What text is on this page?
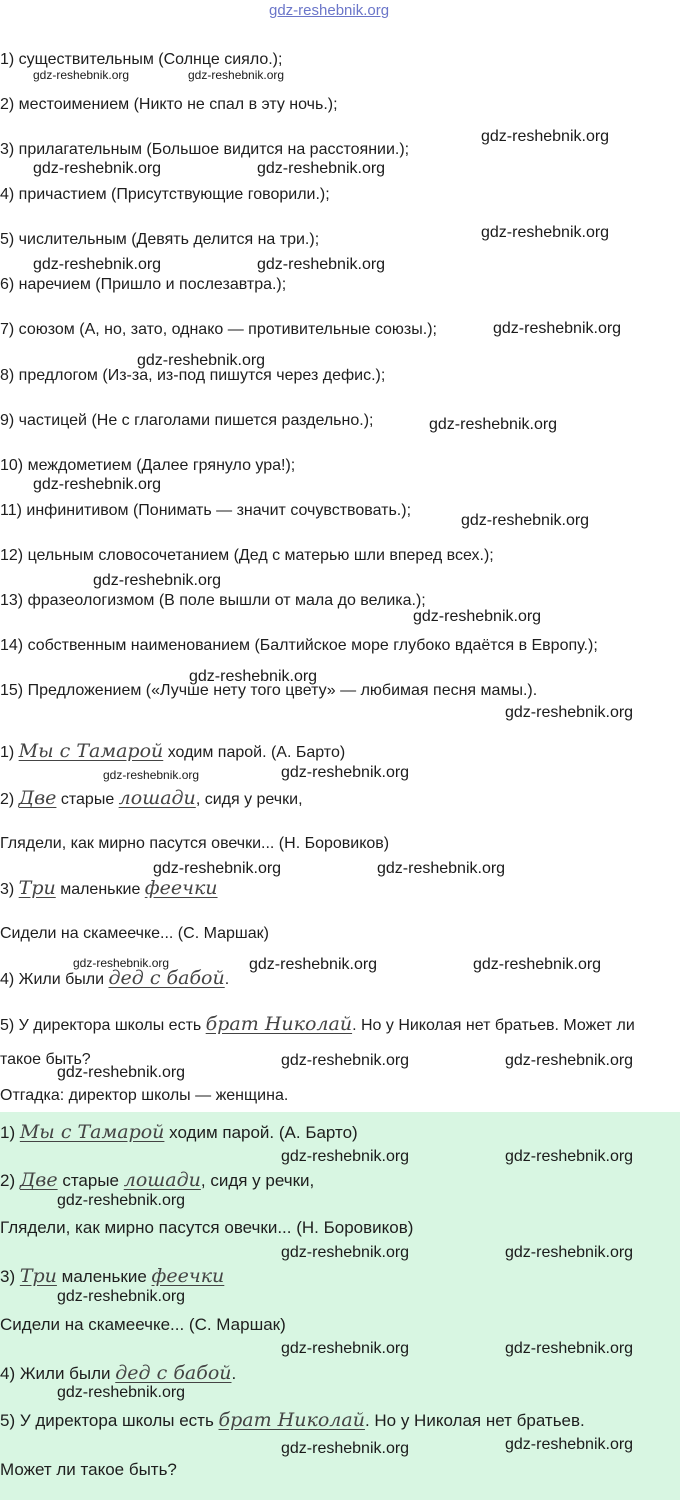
gdz-reshebnik.org
1) существительным (Солнце сияло.);
2) местоимением (Никто не спал в эту ночь.);
3) прилагательным (Большое видится на расстоянии.);
4) причастием (Присутствующие говорили.);
5) числительным (Девять делится на три.);
6) наречием (Пришло и послезавтра.);
7) союзом (А, но, зато, однако — противительные союзы.);
8) предлогом (Из-за, из-под пишутся через дефис.);
9) частицей (Не с глаголами пишется раздельно.);
10) междометием (Далее грянуло ура!);
11) инфинитивом (Понимать — значит сочувствовать.);
12) цельным словосочетанием (Дед с матерью шли вперед всех.);
13) фразеологизмом (В поле вышли от мала до велика.);
14) собственным наименованием (Балтийское море глубоко вдаётся в Европу.);
15) Предложением («Лучше нету того цвету» — любимая песня мамы.).
1) Мы с Тамарой ходим парой. (А. Барто)
2) Две старые лошади, сидя у речки,
Глядели, как мирно пасутся овечки... (Н. Боровиков)
3) Три маленькие феечки
Сидели на скамеечке... (С. Маршак)
4) Жили были дед с бабой.
5) У директора школы есть брат Николай. Но у Николая нет братьев. Может ли
такое быть?
Отгадка: директор школы — женщина.
1) Мы с Тамарой ходим парой. (А. Барто)
2) Две старые лошади, сидя у речки,
Глядели, как мирно пасутся овечки... (Н. Боровиков)
3) Три маленькие феечки
Сидели на скамеечке... (С. Маршак)
4) Жили были дед с бабой.
5) У директора школы есть брат Николай. Но у Николая нет братьев.
Может ли такое быть?
gdz-reshebnik.org	gdz-reshebnik.org
gdz-reshebnik.org
gdz-reshebnik.org	gdz-reshebnik.org
gdz-reshebnik.org
gdz-reshebnik.org	gdz-reshebnik.org
gdz-reshebnik.org
gdz-reshebnik.org
gdz-reshebnik.org
gdz-reshebnik.org
gdz-reshebnik.org
gdz-reshebnik.org
gdz-reshebnik.org
gdz-reshebnik.org
gdz-reshebnik.org
gdz-reshebnik.org	gdz-reshebnik.org
gdz-reshebnik.org	gdz-reshebnik.org
gdz-reshebnik.org	gdz-reshebnik.org	gdz-reshebnik.org
gdz-reshebnik.org	gdz-reshebnik.org
gdz-reshebnik.org
gdz-reshebnik.org	gdz-reshebnik.org
gdz-reshebnik.org
gdz-reshebnik.org	gdz-reshebnik.org
gdz-reshebnik.org
gdz-reshebnik.org	gdz-reshebnik.org
gdz-reshebnik.org
gdz-reshebnik.org	gdz-reshebnik.org
